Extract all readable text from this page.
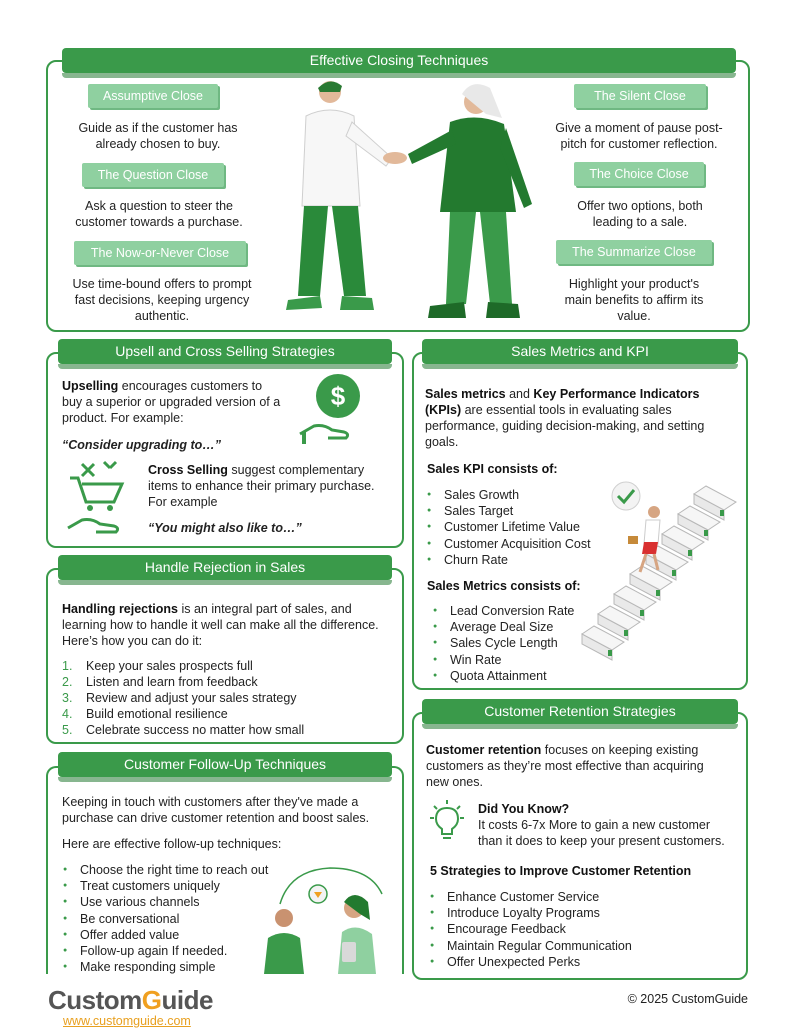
Effective Closing Techniques
Assumptive Close
Guide as if the customer has already chosen to buy.
The Question Close
Ask a question to steer the customer towards a purchase.
The Now-or-Never Close
Use time-bound offers to prompt fast decisions, keeping urgency authentic.
The Silent Close
Give a moment of pause post-pitch for customer reflection.
The Choice Close
Offer two options, both leading to a sale.
The Summarize Close
Highlight your product's main benefits to affirm its value.
Upsell and Cross Selling Strategies
Upselling encourages customers to buy a superior or upgraded version of a product. For example:
“Consider upgrading to…”
$
Cross Selling suggest complementary items to enhance their primary purchase. For example
“You might also like to…”
Handle Rejection in Sales
Handling rejections is an integral part of sales, and learning how to handle it well can make all the difference. Here’s how you can do it:
1. Keep your sales prospects full
2. Listen and learn from feedback
3. Review and adjust your sales strategy
4. Build emotional resilience
5. Celebrate success no matter how small
Customer Follow-Up Techniques
Keeping in touch with customers after they've made a purchase can drive customer retention and boost sales.
Here are effective follow-up techniques:
● Choose the right time to reach out
● Treat customers uniquely
● Use various channels
● Be conversational
● Offer added value
● Follow-up again If needed.
● Make responding simple
Sales Metrics and KPI
Sales metrics and Key Performance Indicators (KPIs) are essential tools in evaluating sales performance, guiding decision-making, and setting goals.
Sales KPI consists of:
● Sales Growth
● Sales Target
● Customer Lifetime Value
● Customer Acquisition Cost
● Churn Rate
Sales Metrics consists of:
● Lead Conversion Rate
● Average Deal Size
● Sales Cycle Length
● Win Rate
● Quota Attainment
Customer Retention Strategies
Customer retention focuses on keeping existing customers as they’re most effective than acquiring new ones.
Did You Know?
It costs 6-7x More to gain a new customer than it does to keep your present customers.
5 Strategies to Improve Customer Retention
● Enhance Customer Service
● Introduce Loyalty Programs
● Encourage Feedback
● Maintain Regular Communication
● Offer Unexpected Perks
CustomGuide
www.customguide.com
© 2025 CustomGuide
